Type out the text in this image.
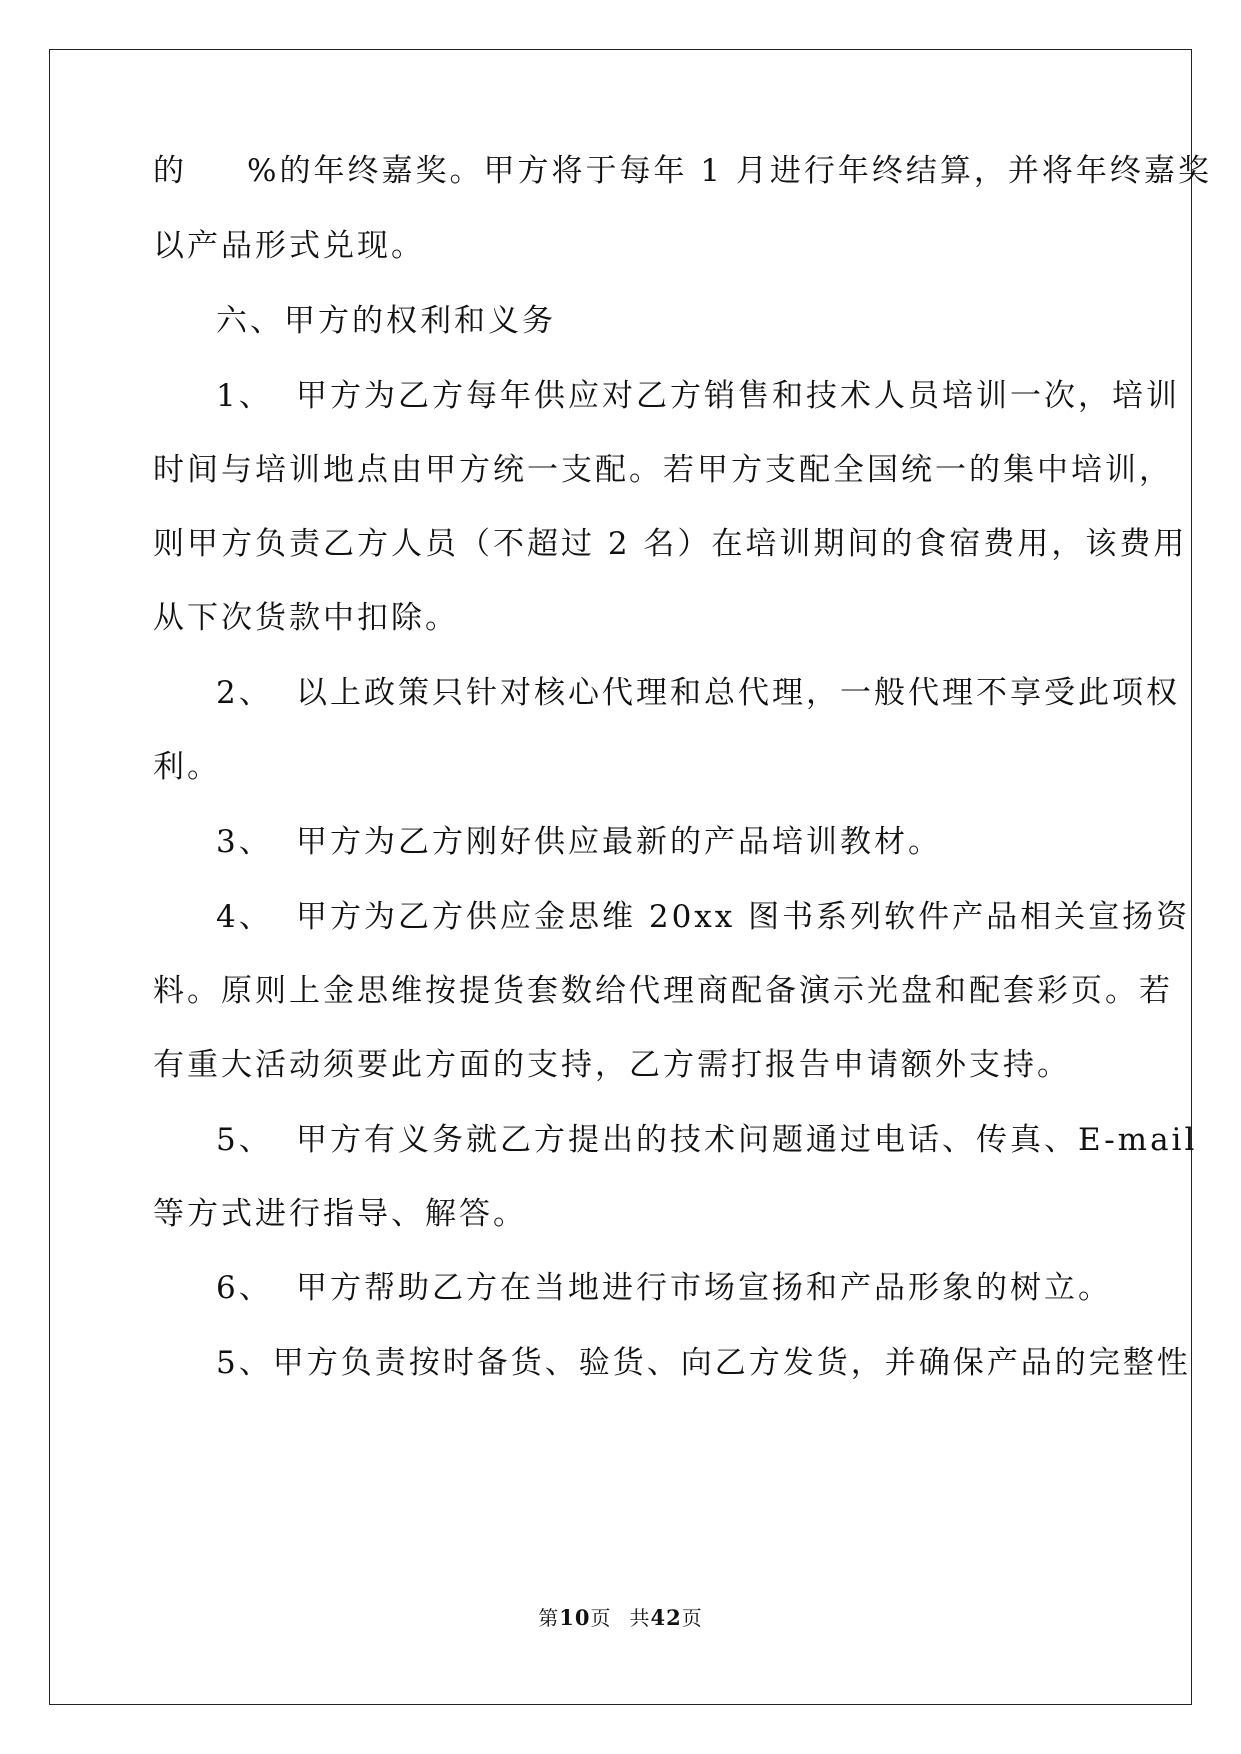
的 %的年终嘉奖。甲方将于每年 1 月进行年终结算，并将年终嘉奖
以产品形式兑现。
六、甲方的权利和义务
1、 甲方为乙方每年供应对乙方销售和技术人员培训一次，培训
时间与培训地点由甲方统一支配。若甲方支配全国统一的集中培训，
则甲方负责乙方人员（不超过 2 名）在培训期间的食宿费用，该费用
从下次货款中扣除。
2、 以上政策只针对核心代理和总代理，一般代理不享受此项权
利。
3、 甲方为乙方刚好供应最新的产品培训教材。
4、 甲方为乙方供应金思维 20xx 图书系列软件产品相关宣扬资
料。原则上金思维按提货套数给代理商配备演示光盘和配套彩页。若
有重大活动须要此方面的支持，乙方需打报告申请额外支持。
5、 甲方有义务就乙方提出的技术问题通过电话、传真、E-mail
等方式进行指导、解答。
6、 甲方帮助乙方在当地进行市场宣扬和产品形象的树立。
5、甲方负责按时备货、验货、向乙方发货，并确保产品的完整性
第10页 共42页
